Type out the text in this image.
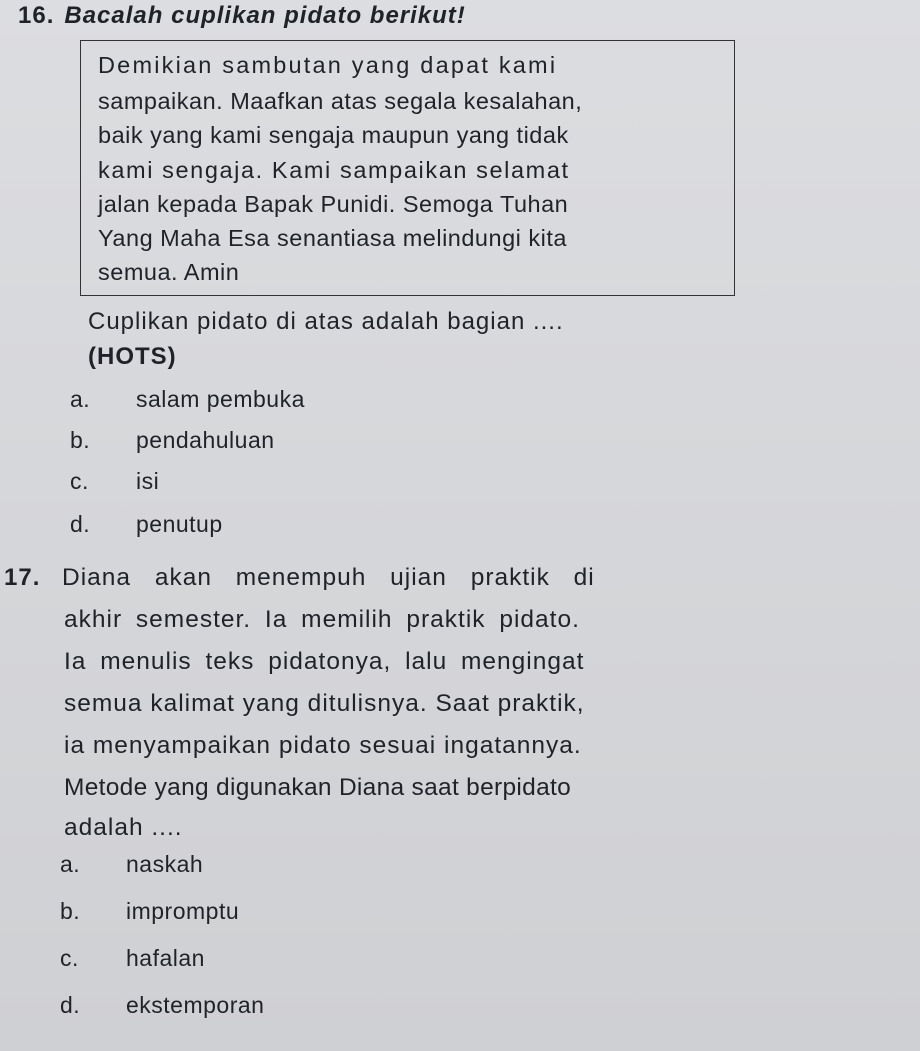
16. Bacalah cuplikan pidato berikut!
Demikian sambutan yang dapat kami
sampaikan. Maafkan atas segala kesalahan,
baik yang kami sengaja maupun yang tidak
kami sengaja. Kami sampaikan selamat
jalan kepada Bapak Punidi. Semoga Tuhan
Yang Maha Esa senantiasa melindungi kita
semua. Amin
Cuplikan pidato di atas adalah bagian ....
(HOTS)
a. salam pembuka
b. pendahuluan
c. isi
d. penutup
17. Diana akan menempuh ujian praktik di
akhir semester. Ia memilih praktik pidato.
Ia menulis teks pidatonya, lalu mengingat
semua kalimat yang ditulisnya. Saat praktik,
ia menyampaikan pidato sesuai ingatannya.
Metode yang digunakan Diana saat berpidato
adalah ....
a. naskah
b. impromptu
c. hafalan
d. ekstemporan
